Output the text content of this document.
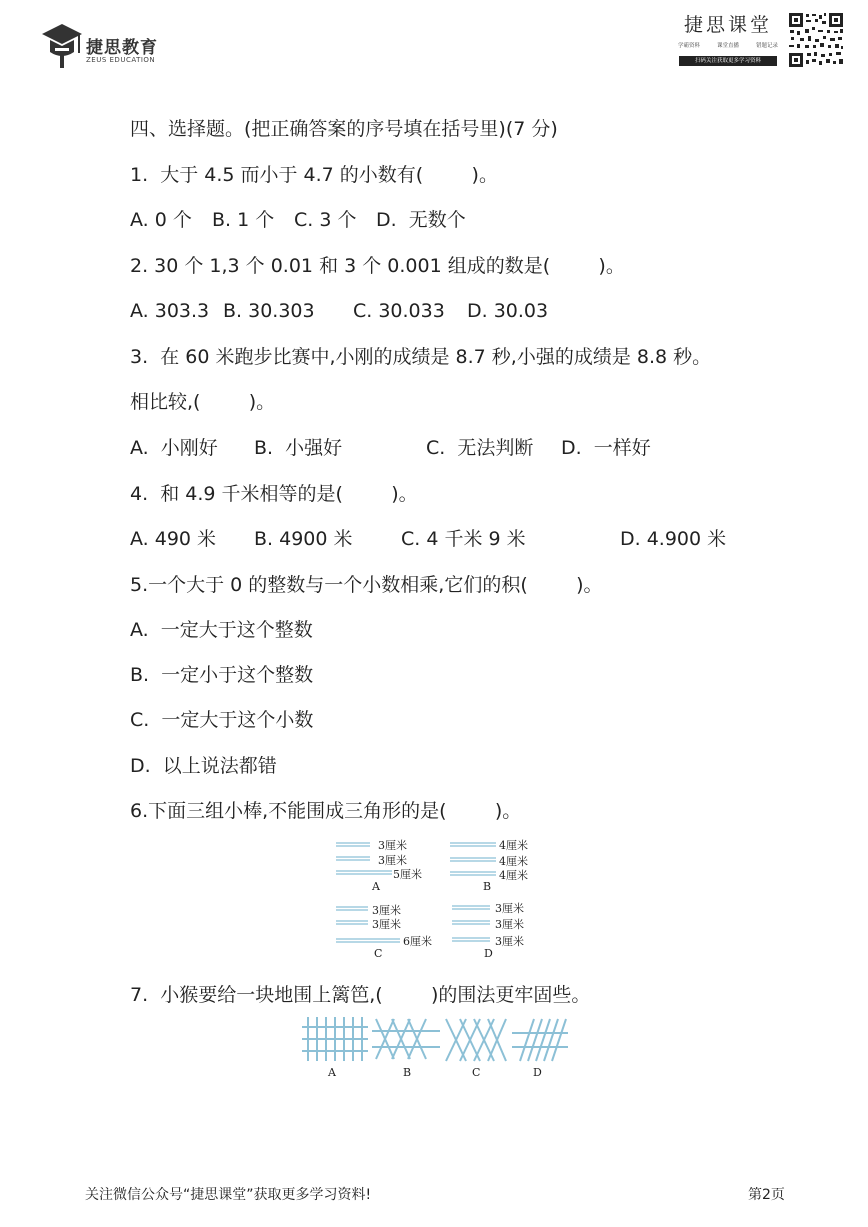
捷思教育
ZEUS EDUCATION
捷思课堂
学霸资料	课堂直播	错题记录
扫码关注获取更多学习资料
四、选择题。(把正确答案的序号填在括号里)(7 分)
1.  大于 4.5 而小于 4.7 的小数有(        )。
A. 0 个 B. 1 个 C. 3 个 D.  无数个
2. 30 个 1,3 个 0.01 和 3 个 0.001 组成的数是(        )。
A. 303.3 B. 30.303 C. 30.033 D. 30.03
3.  在 60 米跑步比赛中,小刚的成绩是 8.7 秒,小强的成绩是 8.8 秒。
相比较,(        )。
A.  小刚好 B.  小强好	C.  无法判断 D.  一样好
4.  和 4.9 千米相等的是(        )。
A. 490 米 B. 4900 米	C. 4 千米 9 米	D. 4.900 米
5.一个大于 0 的整数与一个小数相乘,它们的积(        )。
A.  一定大于这个整数
B.  一定小于这个整数
C.  一定大于这个小数
D.  以上说法都错
6.下面三组小棒,不能围成三角形的是(        )。
3厘米
3厘米
5厘米
A
4厘米
4厘米
4厘米
B
3厘米
3厘米
6厘米
C
3厘米
3厘米
3厘米
D
7.  小猴要给一块地围上篱笆,(        )的围法更牢固些。
A	B	C	D
关注微信公众号“捷思课堂”获取更多学习资料!	第2页
